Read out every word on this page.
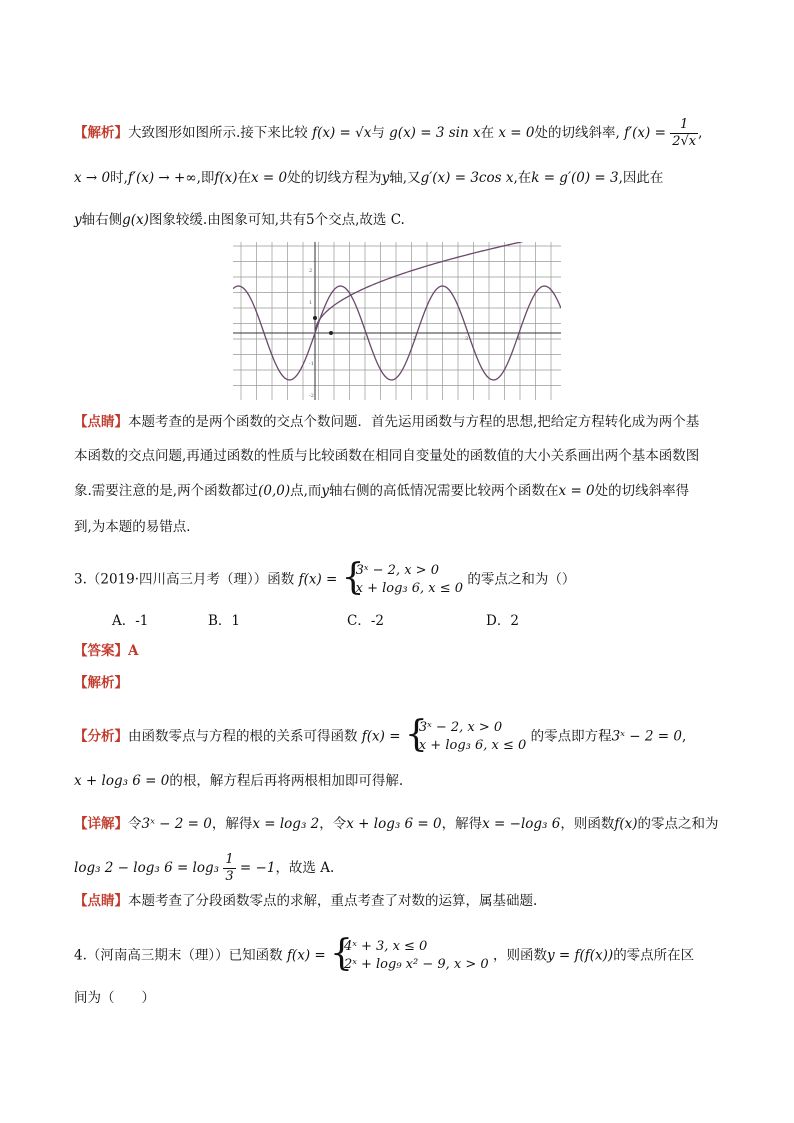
【解析】大致图形如图所示.接下来比较 f(x) = √x与 g(x) = 3 sin x在 x = 0处的切线斜率, $f'(x) = \frac{1}{2√x}$ ,
x → 0时,f′(x) → +∞,即f(x)在x = 0处的切线方程为y轴,又g′(x) = 3cos x,在k = g′(0) = 3,因此在
y轴右侧g(x)图象较缓.由图象可知,共有5个交点,故选 C.
2
1
-1
-2
1	2	3	4
【点睛】本题考查的是两个函数的交点个数问题．首先运用函数与方程的思想,把给定方程转化成为两个基
本函数的交点问题,再通过函数的性质与比较函数在相同自变量处的函数值的大小关系画出两个基本函数图
象.需要注意的是,两个函数都过(0,0)点,而y轴右侧的高低情况需要比较两个函数在x = 0处的切线斜率得
到,为本题的易错点．
3.（2019·四川高三月考（理））函数 f(x) = {
3ˣ − 2, x > 0
x + log₃ 6, x ≤ 0
的零点之和为（）
A．-1	B．1	C．-2	D．2
【答案】A
【解析】
【分析】由函数零点与方程的根的关系可得函数 f(x) = {
3ˣ − 2, x > 0
x + log₃ 6, x ≤ 0
的零点即方程3ˣ − 2 = 0,
x + log₃ 6 = 0的根，解方程后再将两根相加即可得解.
【详解】令3ˣ − 2 = 0，解得x = log₃ 2，令x + log₃ 6 = 0，解得x = −log₃ 6，则函数f(x)的零点之和为
log₃ 2 − log₃ $6 = \log_3 \frac{1}{3} = -1$，故选 A.
【点睛】本题考查了分段函数零点的求解，重点考查了对数的运算，属基础题.
4.（河南高三期末（理））已知函数 f(x) = {
4ˣ + 3, x ≤ 0
2ˣ + log₉ x² − 9, x > 0
，则函数y = f(f(x))的零点所在区
间为（　　）
